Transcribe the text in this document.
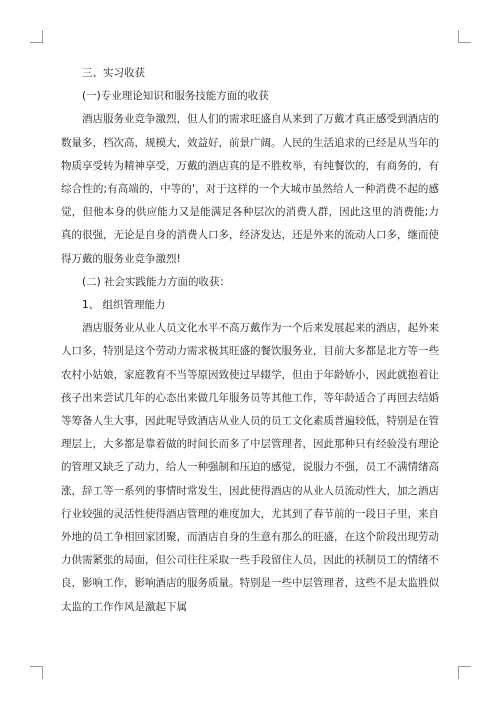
三、实习收获

(一)专业理论知识和服务技能方面的收获

酒店服务业竞争激烈，但人们的需求旺盛自从来到了万戴才真正感受到酒店的数量多，档次高，规模大，效益好，前景广阔。人民的生活追求的已经是从当年的物质享受转为精神享受，万戴的酒店真的是不胜枚举，有纯餐饮的，有商务的，有综合性的;有高端的，中等的'，对于这样的一个大城市虽然给人一种消费不起的感觉，但他本身的供应能力又是能满足各种层次的消费人群，因此这里的消费能;力真的很强，无论是自身的消费人口多，经济发达，还是外来的流动人口多，继而使得万戴的服务业竞争激烈!

(二) 社会实践能力方面的收获：

1、 组织管理能力

酒店服务业从业人员文化水平不高万戴作为一个后来发展起来的酒店，起外来人口多，特别是这个劳动力需求极其旺盛的餐饮服务业，目前大多都是北方等一些农村小姑娘，家庭教育不当等原因致使过早辍学，但由于年龄娇小，因此就抱着让孩子出来尝试几年的心态出来做几年服务员等其他工作，等年龄适合了再回去结婚等筹备人生大事，因此呢导致酒店从业人员的员工文化素质普遍较低，特别是在管理层上，大多都是靠着做的时间长而多了中层管理者，因此那种只有经验没有理论的管理又缺乏了动力，给人一种强制和压迫的感觉，说服力不强，员工不满情绪高涨，辞工等一系列的事情时常发生，因此使得酒店的从业人员流动性大，加之酒店行业较强的灵活性使得酒店管理的难度加大，尤其到了春节前的一段日子里，来自外地的员工争相回家团聚，而酒店自身的生意有那么的旺盛，在这个阶段出现劳动力供需紧张的局面，但公司往往采取一些手段留住人员，因此的袄制员工的情绪不良，影响工作，影响酒店的服务质量。特别是一些中层管理者，这些不是太监胜似太监的工作作风是激起下属
